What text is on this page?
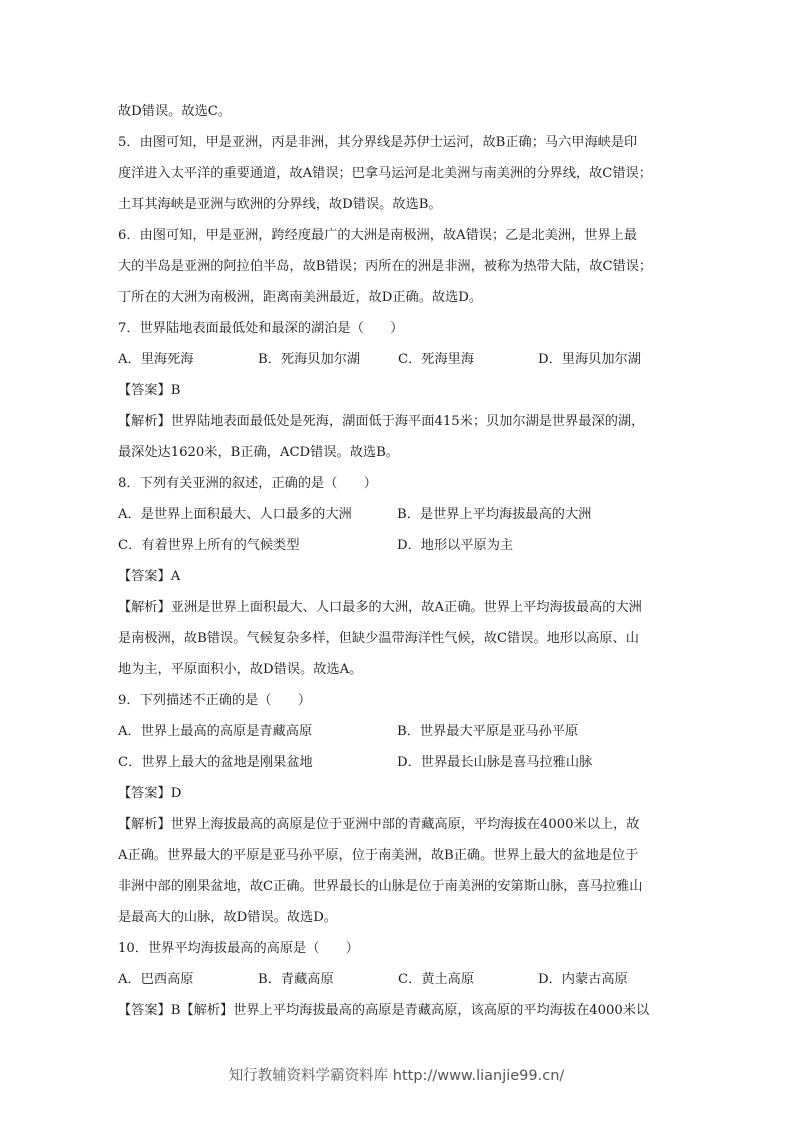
故D错误。故选C。

5．由图可知，甲是亚洲，丙是非洲，其分界线是苏伊士运河，故B正确；马六甲海峡是印

度洋进入太平洋的重要通道，故A错误；巴拿马运河是北美洲与南美洲的分界线，故C错误；

土耳其海峡是亚洲与欧洲的分界线，故D错误。故选B。

6．由图可知，甲是亚洲，跨经度最广的大洲是南极洲，故A错误；乙是北美洲，世界上最

大的半岛是亚洲的阿拉伯半岛，故B错误；丙所在的洲是非洲，被称为热带大陆，故C错误；

丁所在的大洲为南极洲，距离南美洲最近，故D正确。故选D。

7．世界陆地表面最低处和最深的湖泊是（　　）

A．里海死海	B．死海贝加尔湖	C．死海里海	D．里海贝加尔湖

【答案】B

【解析】世界陆地表面最低处是死海，湖面低于海平面415米；贝加尔湖是世界最深的湖，

最深处达1620米，B正确，ACD错误。故选B。

8．下列有关亚洲的叙述，正确的是（　　）

A．是世界上面积最大、人口最多的大洲	B．是世界上平均海拔最高的大洲
C．有着世界上所有的气候类型	D．地形以平原为主

【答案】A

【解析】亚洲是世界上面积最大、人口最多的大洲，故A正确。世界上平均海拔最高的大洲

是南极洲，故B错误。气候复杂多样，但缺少温带海洋性气候，故C错误。地形以高原、山

地为主，平原面积小，故D错误。故选A。

9．下列描述不正确的是（　　）

A．世界上最高的高原是青藏高原	B．世界最大平原是亚马孙平原
C．世界上最大的盆地是刚果盆地	D．世界最长山脉是喜马拉雅山脉

【答案】D

【解析】世界上海拔最高的高原是位于亚洲中部的青藏高原，平均海拔在4000米以上，故

A正确。世界最大的平原是亚马孙平原，位于南美洲，故B正确。世界上最大的盆地是位于

非洲中部的刚果盆地，故C正确。世界最长的山脉是位于南美洲的安第斯山脉，喜马拉雅山

是最高大的山脉，故D错误。故选D。

10．世界平均海拔最高的高原是（　　）

A．巴西高原	B．青藏高原	C．黄土高原	D．内蒙古高原

【答案】B【解析】世界上平均海拔最高的高原是青藏高原，该高原的平均海拔在4000米以

知行教辅资料学霸资料库 http://www.lianjie99.cn/
